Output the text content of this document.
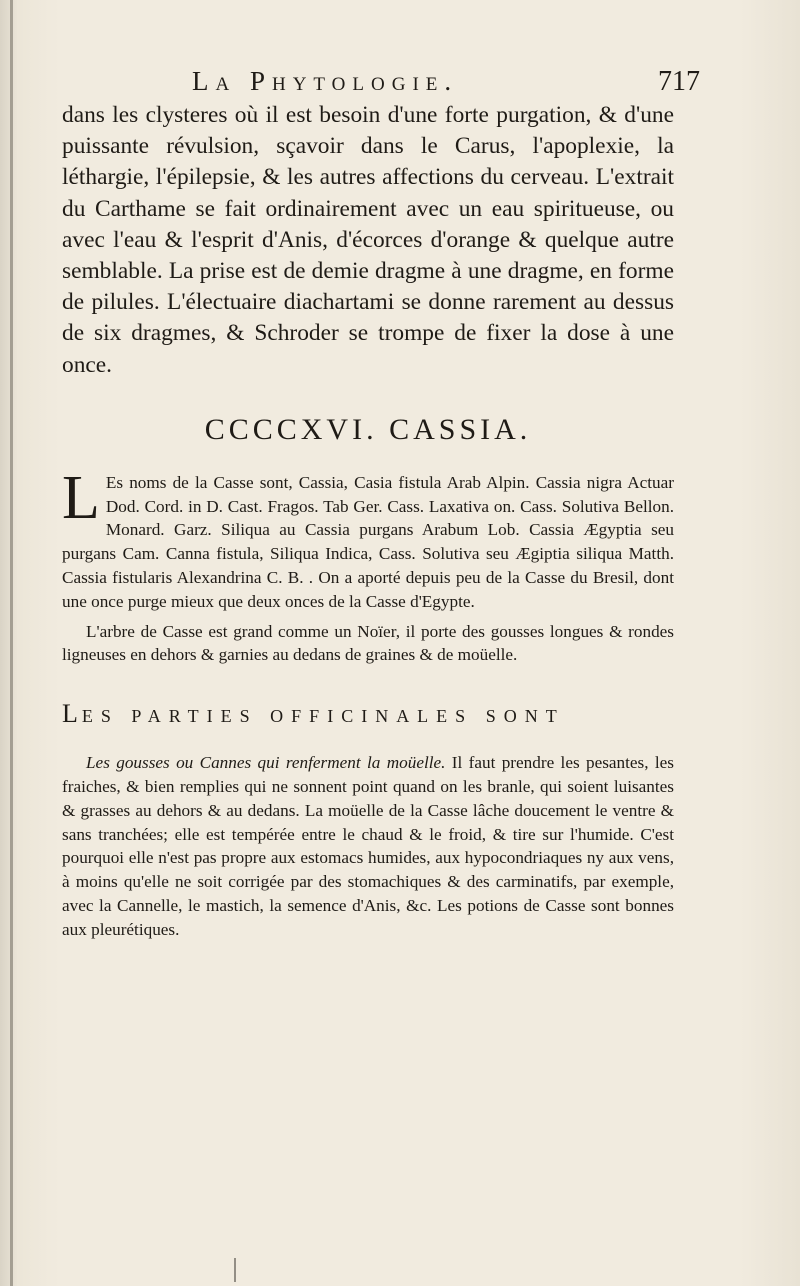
La Phytologie.	717

dans les clysteres où il est besoin d'une forte purgation, & d'une puissante révulsion, sçavoir dans le Carus, l'apoplexie, la léthargie, l'épilepsie, & les autres affections du cerveau. L'extrait du Carthame se fait ordinairement avec un eau spiritueuse, ou avec l'eau & l'esprit d'Anis, d'écorces d'orange & quelque autre semblable. La prise est de demie dragme à une dragme, en forme de pilules. L'électuaire diachartami se donne rarement au dessus de six dragmes, & Schroder se trompe de fixer la dose à une once.

CCCCXVI. CASSIA.

L Es noms de la Casse sont, Cassia, Casia fistula Arab Alpin. Cassia nigra Actuar Dod. Cord. in D. Cast. Fragos. Tab Ger. Cass. Laxativa on. Cass. Solutiva Bellon. Monard. Garz. Siliqua au Cassia purgans Arabum Lob. Cassia Ægyptia seu purgans Cam. Canna fistula, Siliqua Indica, Cass. Solutiva seu Ægiptia siliqua Matth. Cassia fistularis Alexandrina C. B. . On a aporté depuis peu de la Casse du Bresil, dont une once purge mieux que deux onces de la Casse d'Egypte.

L'arbre de Casse est grand comme un Noïer, il porte des gousses longues & rondes ligneuses en dehors & garnies au dedans de graines & de moüelle.

LES PARTIES OFFICINALES SONT

Les gousses ou Cannes qui renferment la moüelle. Il faut prendre les pesantes, les fraiches, & bien remplies qui ne sonnent point quand on les branle, qui soient luisantes & grasses au dehors & au dedans. La moüelle de la Casse lâche doucement le ventre & sans tranchées; elle est tempérée entre le chaud & le froid, & tire sur l'humide. C'est pourquoi elle n'est pas propre aux estomacs humides, aux hypocondriaques ny aux vens, à moins qu'elle ne soit corrigée par des stomachiques & des carminatifs, par exemple, avec la Cannelle, le mastich, la semence d'Anis, &c. Les potions de Casse sont bonnes aux pleurétiques.
